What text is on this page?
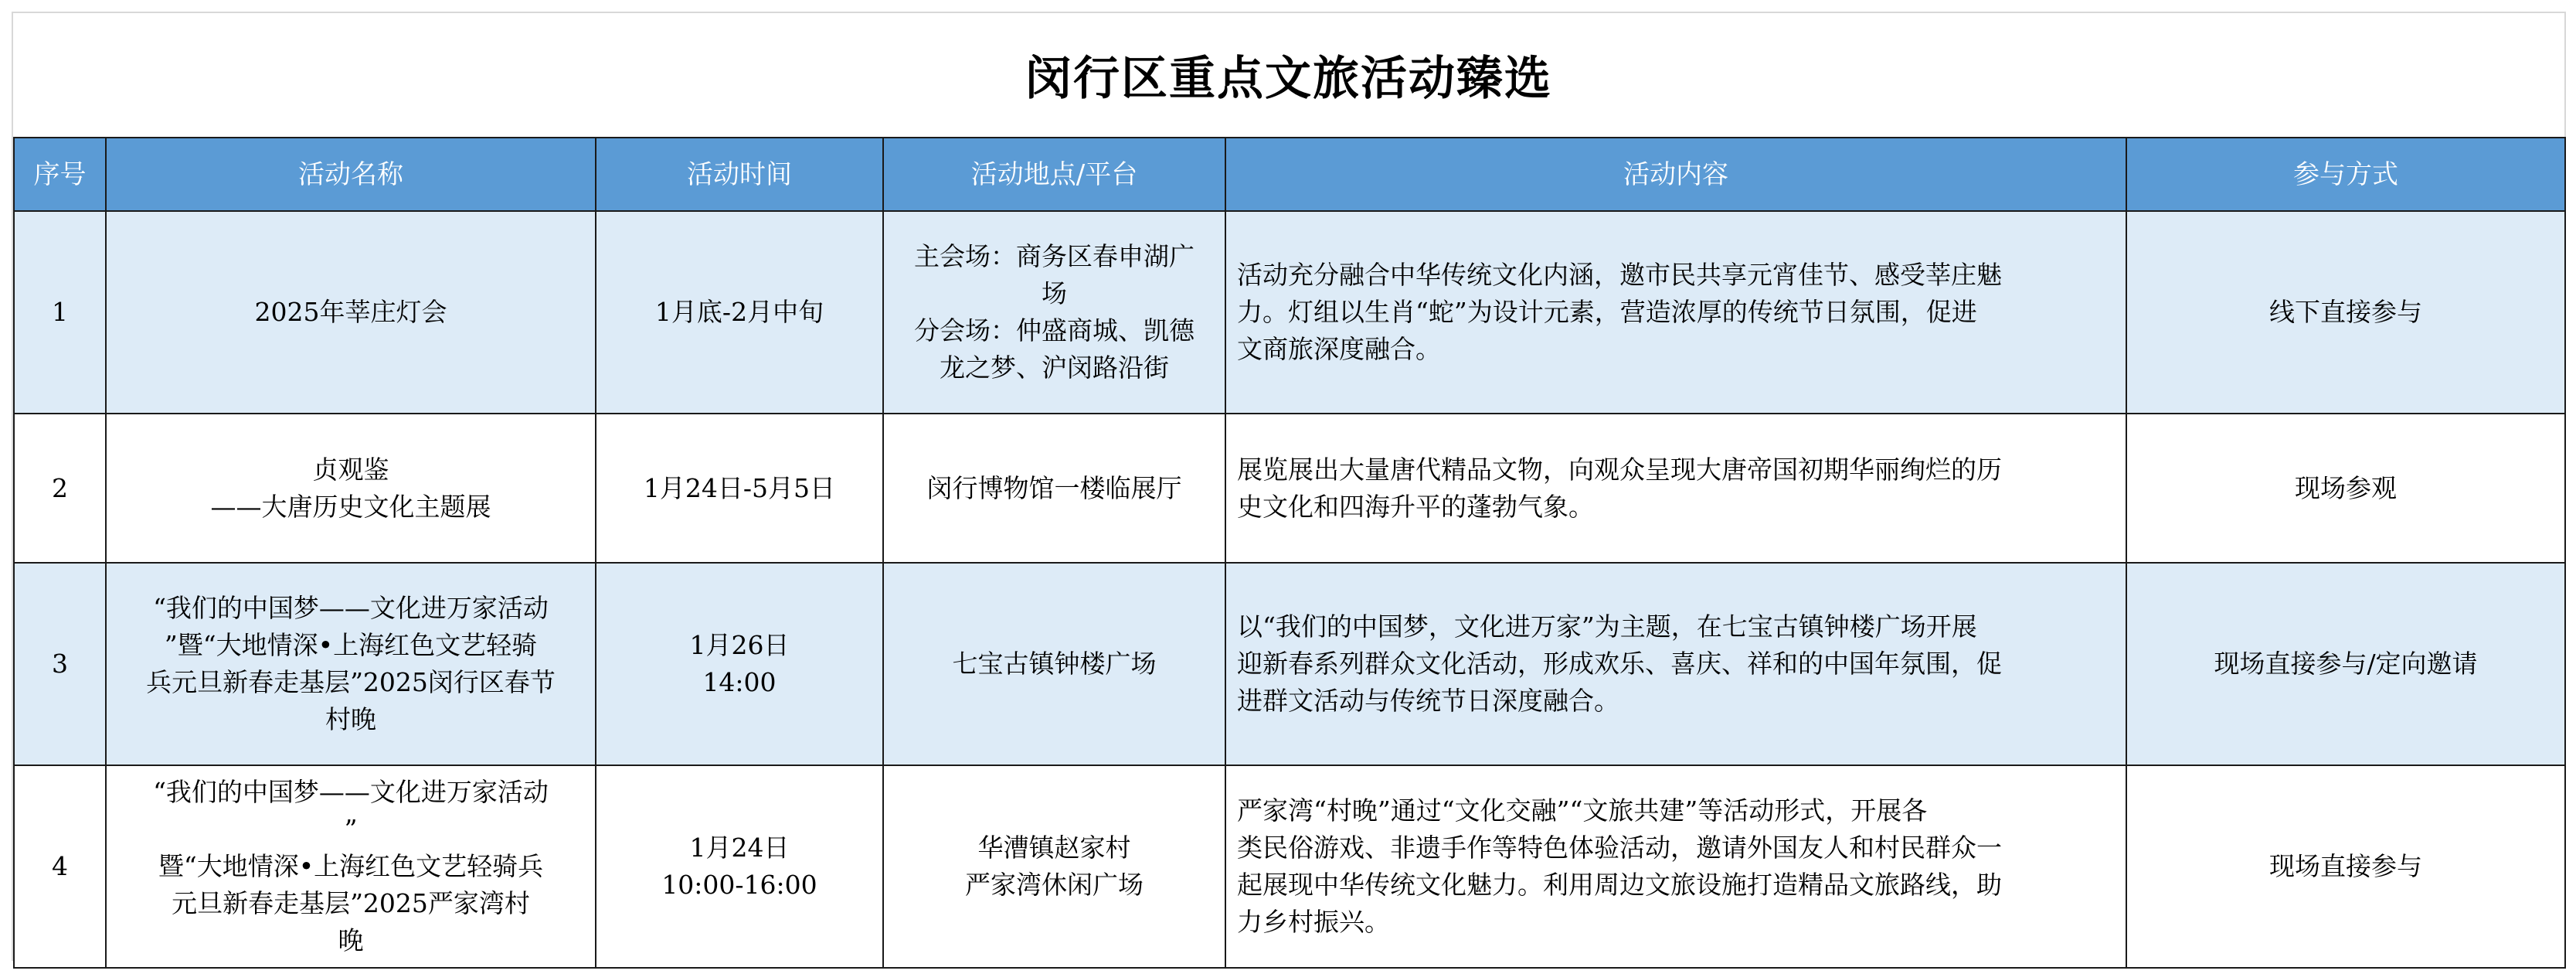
闵行区重点文旅活动臻选
序号	活动名称	活动时间	活动地点/平台	活动内容	参与方式

1	2025年莘庄灯会	1月底-2月中旬	主会场：商务区春申湖广
场
分会场：仲盛商城、凯德
龙之梦、沪闵路沿街	活动充分融合中华传统文化内涵，邀市民共享元宵佳节、感受莘庄魅
力。灯组以生肖“蛇”为设计元素，营造浓厚的传统节日氛围，促进
文商旅深度融合。	线下直接参与

2	贞观鉴
——大唐历史文化主题展	1月24日-5月5日	闵行博物馆一楼临展厅	展览展出大量唐代精品文物，向观众呈现大唐帝国初期华丽绚烂的历
史文化和四海升平的蓬勃气象。	现场参观

3	“我们的中国梦——文化进万家活动
”暨“大地情深•上海红色文艺轻骑
兵元旦新春走基层”2025闵行区春节
村晚	1月26日
14:00	七宝古镇钟楼广场	以“我们的中国梦，文化进万家”为主题，在七宝古镇钟楼广场开展
迎新春系列群众文化活动，形成欢乐、喜庆、祥和的中国年氛围，促
进群文活动与传统节日深度融合。	现场直接参与/定向邀请

4	“我们的中国梦——文化进万家活动
”
暨“大地情深•上海红色文艺轻骑兵
元旦新春走基层”2025严家湾村
晚	1月24日
10:00-16:00	华漕镇赵家村
严家湾休闲广场	严家湾“村晚”通过“文化交融”“文旅共建”等活动形式，开展各
类民俗游戏、非遗手作等特色体验活动，邀请外国友人和村民群众一
起展现中华传统文化魅力。利用周边文旅设施打造精品文旅路线，助
力乡村振兴。	现场直接参与
